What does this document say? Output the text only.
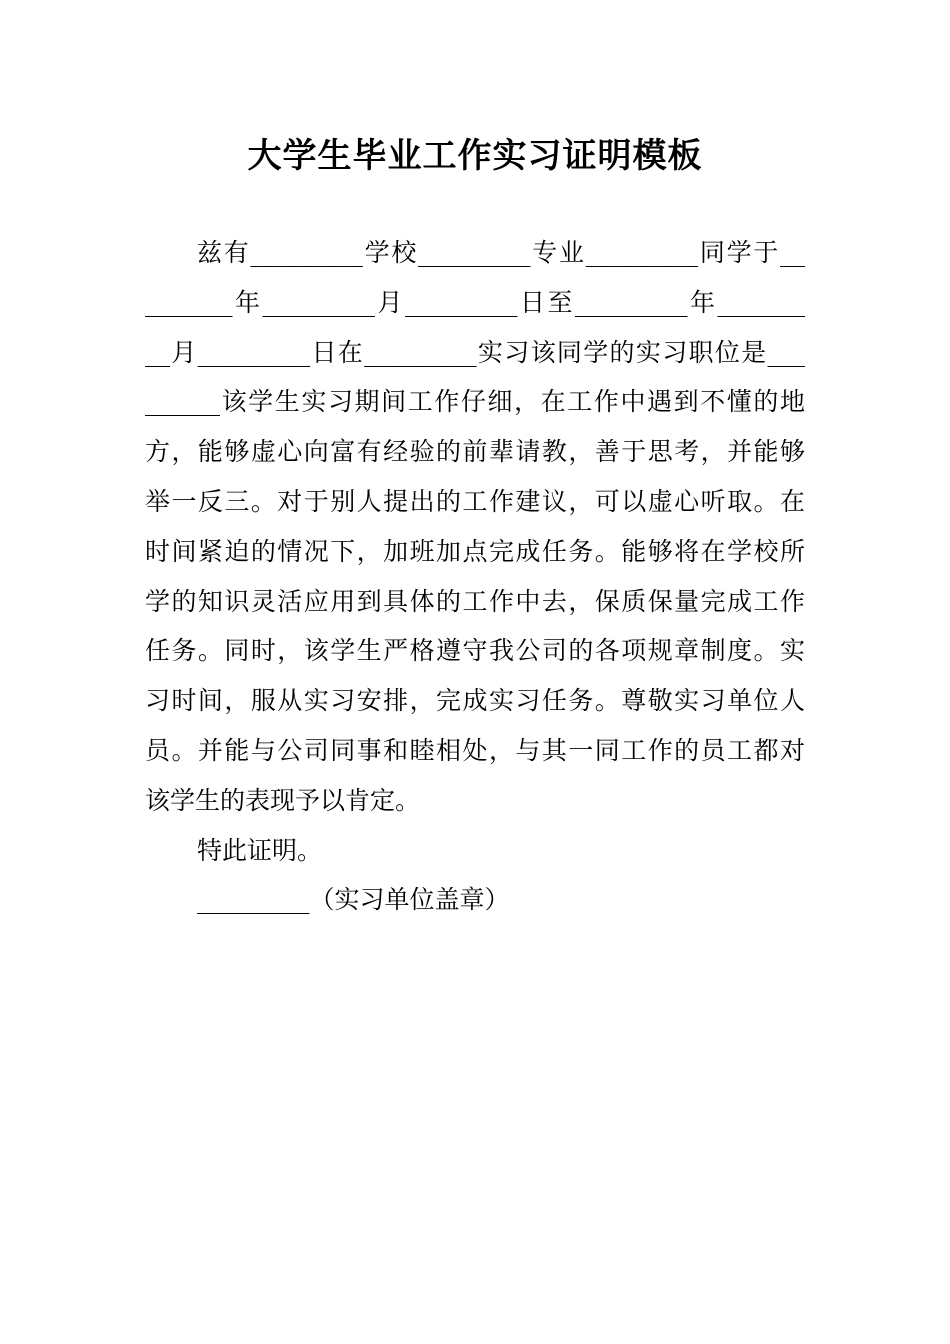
大学生毕业工作实习证明模板
兹有_________学校_________专业_________同学于__
_______年_________月_________日至_________年_______
__月_________日在_________实习该同学的实习职位是___
______该学生实习期间工作仔细，在工作中遇到不懂的地
方，能够虚心向富有经验的前辈请教，善于思考，并能够
举一反三。对于别人提出的工作建议，可以虚心听取。在
时间紧迫的情况下，加班加点完成任务。能够将在学校所
学的知识灵活应用到具体的工作中去，保质保量完成工作
任务。同时，该学生严格遵守我公司的各项规章制度。实
习时间，服从实习安排，完成实习任务。尊敬实习单位人
员。并能与公司同事和睦相处，与其一同工作的员工都对
该学生的表现予以肯定。
特此证明。
_________（实习单位盖章）
